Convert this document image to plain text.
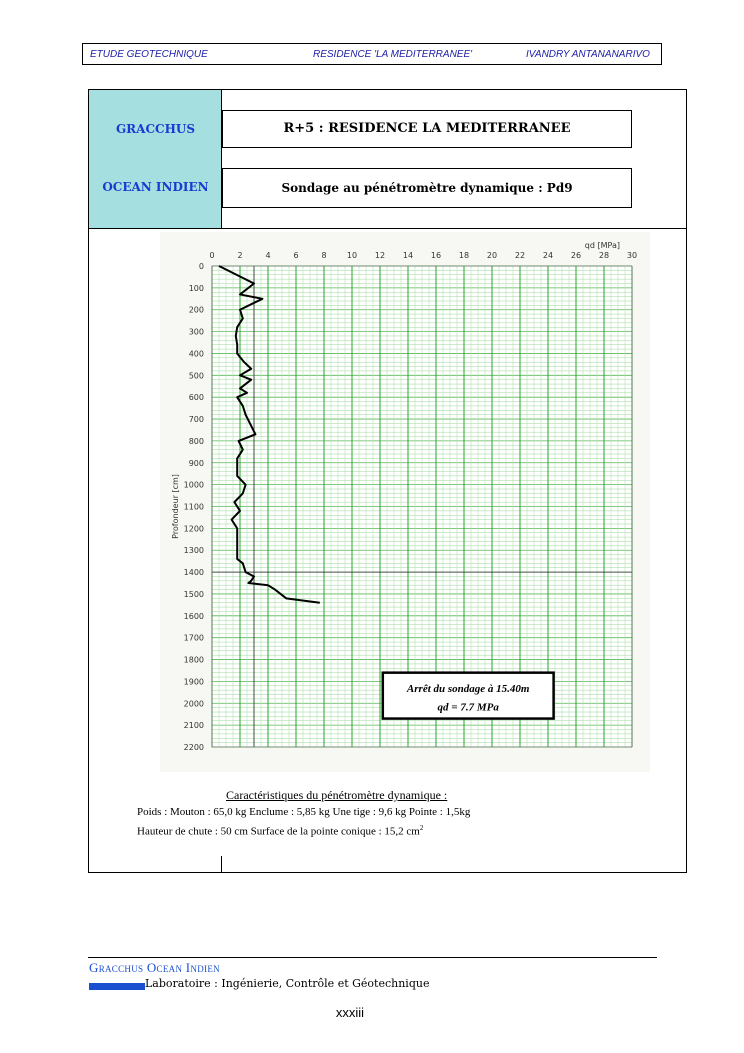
ETUDE GEOTECHNIQUE	RESIDENCE 'LA MEDITERRANEE'	IVANDRY ANTANANARIVO
GRACCHUS
OCEAN INDIEN
R+5 : RESIDENCE LA MEDITERRANEE
Sondage au pénétromètre dynamique : Pd9
0	2	4	6	8	10 12 14 16 18 20 22 24 26 28 30
0
100
200
300
400
500
600
700
800
900
1000
1100
1200
1300
1400
1500
1600
1700
1800
1900
2000
2100
2200
qd [MPa]
Profondeur [cm]
Arrêt du sondage à 15.40m
qd = 7.7 MPa
Caractéristiques du pénétromètre dynamique :
Poids : Mouton : 65,0 kg Enclume : 5,85 kg Une tige : 9,6 kg Pointe : 1,5kg
Hauteur de chute : 50 cm Surface de la pointe conique : 15,2 $cm^2$
Gracchus Ocean Indien
Laboratoire : Ingénierie, Contrôle et Géotechnique
xxxiii
